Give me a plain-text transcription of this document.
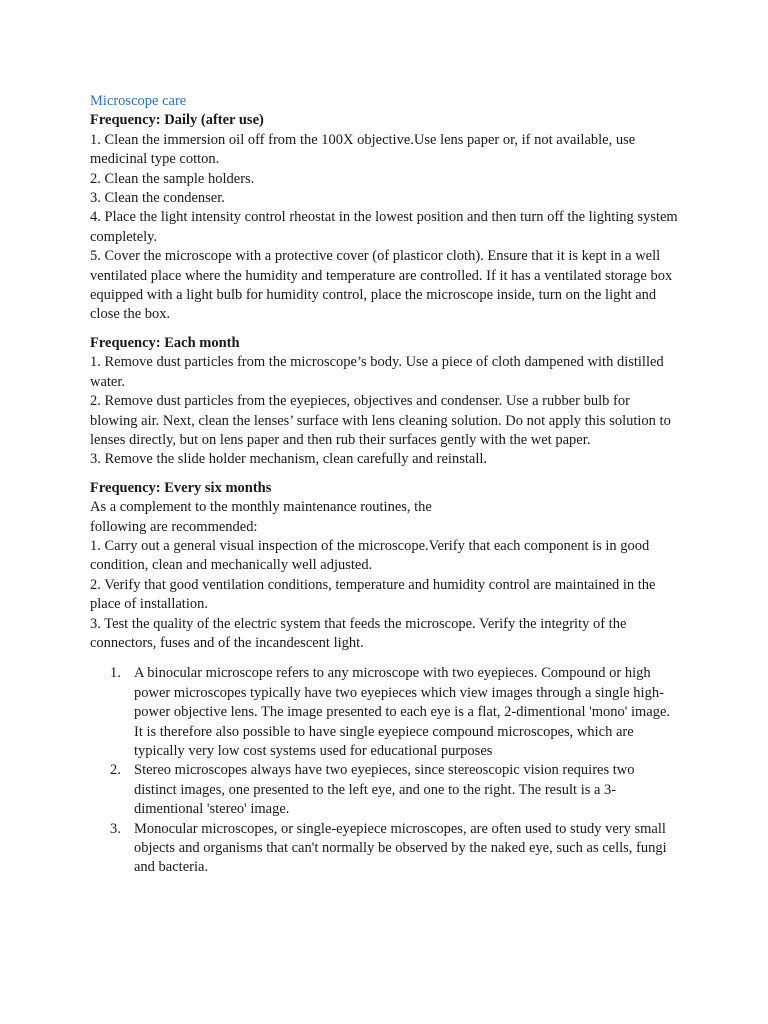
Microscope care

Frequency: Daily (after use)

1. Clean the immersion oil off from the 100X objective.Use lens paper or, if not available, use medicinal type cotton.

2. Clean the sample holders.

3. Clean the condenser.

4. Place the light intensity control rheostat in the lowest position and then turn off the lighting system completely.

5. Cover the microscope with a protective cover (of plasticor cloth). Ensure that it is kept in a well ventilated place where the humidity and temperature are controlled. If it has a ventilated storage box equipped with a light bulb for humidity control, place the microscope inside, turn on the light and close the box.

Frequency: Each month

1. Remove dust particles from the microscope’s body. Use a piece of cloth dampened with distilled water.

2. Remove dust particles from the eyepieces, objectives and condenser. Use a rubber bulb for blowing air. Next, clean the lenses’ surface with lens cleaning solution. Do not apply this solution to lenses directly, but on lens paper and then rub their surfaces gently with the wet paper.

3. Remove the slide holder mechanism, clean carefully and reinstall.

Frequency: Every six months

As a complement to the monthly maintenance routines, the

following are recommended:

1. Carry out a general visual inspection of the microscope.Verify that each component is in good condition, clean and mechanically well adjusted.

2. Verify that good ventilation conditions, temperature and humidity control are maintained in the place of installation.

3. Test the quality of the electric system that feeds the microscope. Verify the integrity of the connectors, fuses and of the incandescent light.

1. A binocular microscope refers to any microscope with two eyepieces. Compound or high power microscopes typically have two eyepieces which view images through a single high-power objective lens. The image presented to each eye is a flat, 2-dimentional 'mono' image. It is therefore also possible to have single eyepiece compound microscopes, which are typically very low cost systems used for educational purposes
2. Stereo microscopes always have two eyepieces, since stereoscopic vision requires two distinct images, one presented to the left eye, and one to the right. The result is a 3-dimentional 'stereo' image.
3. Monocular microscopes, or single-eyepiece microscopes, are often used to study very small objects and organisms that can't normally be observed by the naked eye, such as cells, fungi and bacteria.
